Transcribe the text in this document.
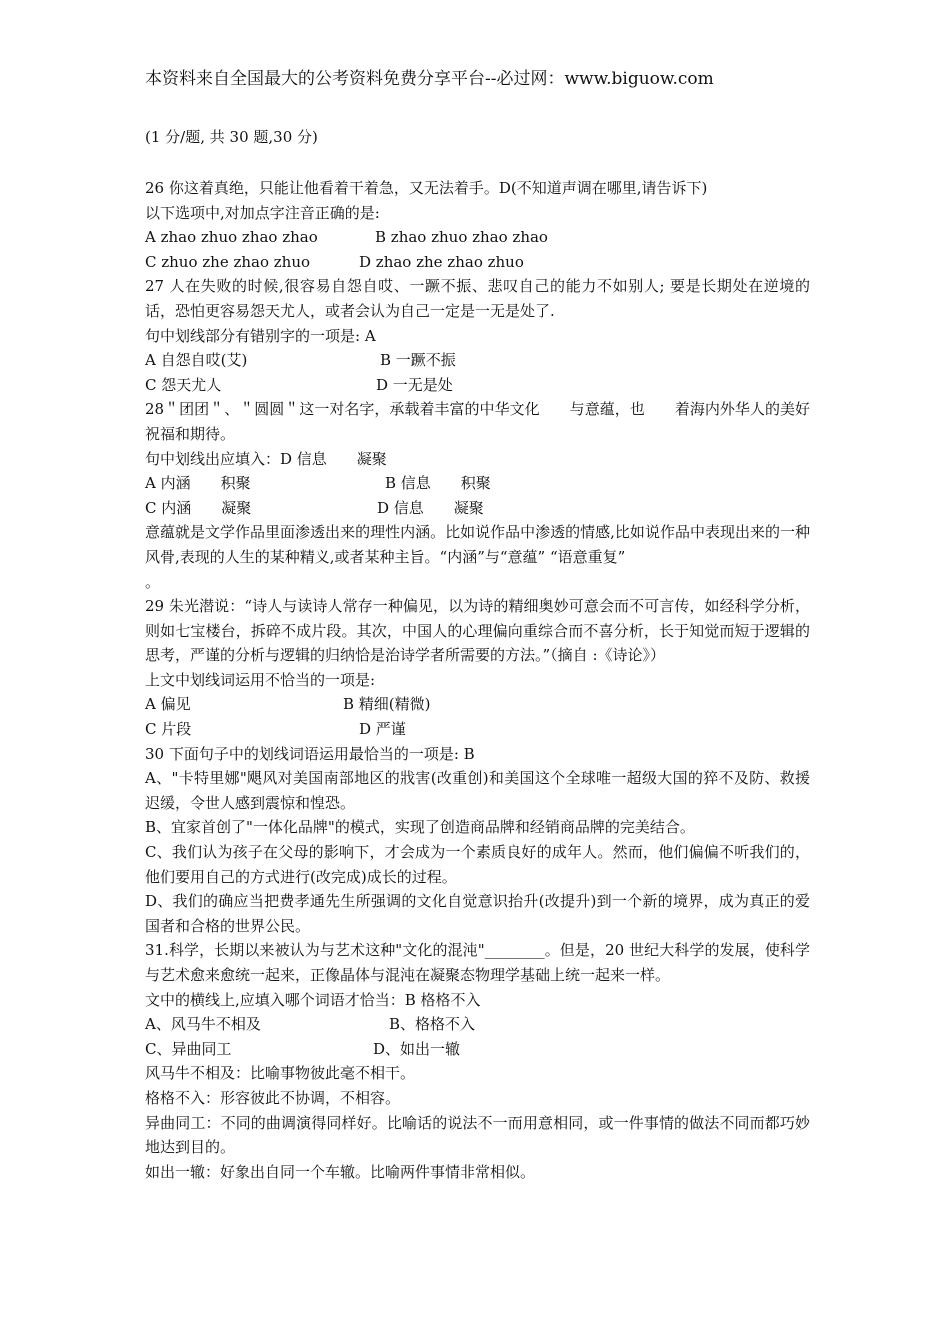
本资料来自全国最大的公考资料免费分享平台--必过网：www.biguow.com
(1 分/题, 共 30 题,30 分)
26 你这着真绝，只能让他看着干着急，又无法着手。D(不知道声调在哪里,请告诉下)
以下选项中,对加点字注音正确的是:
A zhao zhuo zhao zhao	B zhao zhuo zhao zhao
C zhuo zhe zhao zhuo	D zhao zhe zhao zhuo
27 人在失败的时候,很容易自怨自哎、一蹶不振、悲叹自己的能力不如别人; 要是长期处在逆境的话，恐怕更容易怨天尤人，或者会认为自己一定是一无是处了.
句中划线部分有错别字的一项是: A
A 自怨自哎(艾)	B 一蹶不振
C 怨天尤人	D 一无是处
28＂团团＂、＂圆圆＂这一对名字，承载着丰富的中华文化　　与意蕴，也　　着海内外华人的美好祝福和期待。
句中划线出应填入：D 信息　　凝聚
A 内涵　　积聚	B 信息　　积聚
C 内涵　　凝聚	D 信息　　凝聚
意蕴就是文学作品里面渗透出来的理性内涵。比如说作品中渗透的情感,比如说作品中表现出来的一种风骨,表现的人生的某种精义,或者某种主旨。“内涵”与“意蕴” “语意重复”
。
29 朱光潜说：“诗人与读诗人常存一种偏见，以为诗的精细奥妙可意会而不可言传，如经科学分析，则如七宝楼台，拆碎不成片段。其次，中国人的心理偏向重综合而不喜分析，长于知觉而短于逻辑的思考，严谨的分析与逻辑的归纳恰是治诗学者所需要的方法。”（摘自 :《诗论》）
上文中划线词运用不恰当的一项是:
A 偏见	B 精细(精微)
C 片段	D 严谨
30 下面句子中的划线词语运用最恰当的一项是: B
A、"卡特里娜"飓风对美国南部地区的戕害(改重创)和美国这个全球唯一超级大国的猝不及防、救援迟缓，令世人感到震惊和惶恐。
B、宜家首创了"一体化品牌"的模式，实现了创造商品牌和经销商品牌的完美结合。
C、我们认为孩子在父母的影响下，才会成为一个素质良好的成年人。然而，他们偏偏不听我们的，他们要用自己的方式进行(改完成)成长的过程。
D、我们的确应当把费孝通先生所强调的文化自觉意识抬升(改提升)到一个新的境界，成为真正的爱国者和合格的世界公民。
31.科学，长期以来被认为与艺术这种"文化的混沌"________。但是，20 世纪大科学的发展，使科学与艺术愈来愈统一起来，正像晶体与混沌在凝聚态物理学基础上统一起来一样。
文中的横线上,应填入哪个词语才恰当：B 格格不入
A、风马牛不相及	B、格格不入
C、异曲同工	D、如出一辙
风马牛不相及：比喻事物彼此毫不相干。
格格不入：形容彼此不协调，不相容。
异曲同工：不同的曲调演得同样好。比喻话的说法不一而用意相同，或一件事情的做法不同而都巧妙地达到目的。
如出一辙：好象出自同一个车辙。比喻两件事情非常相似。
